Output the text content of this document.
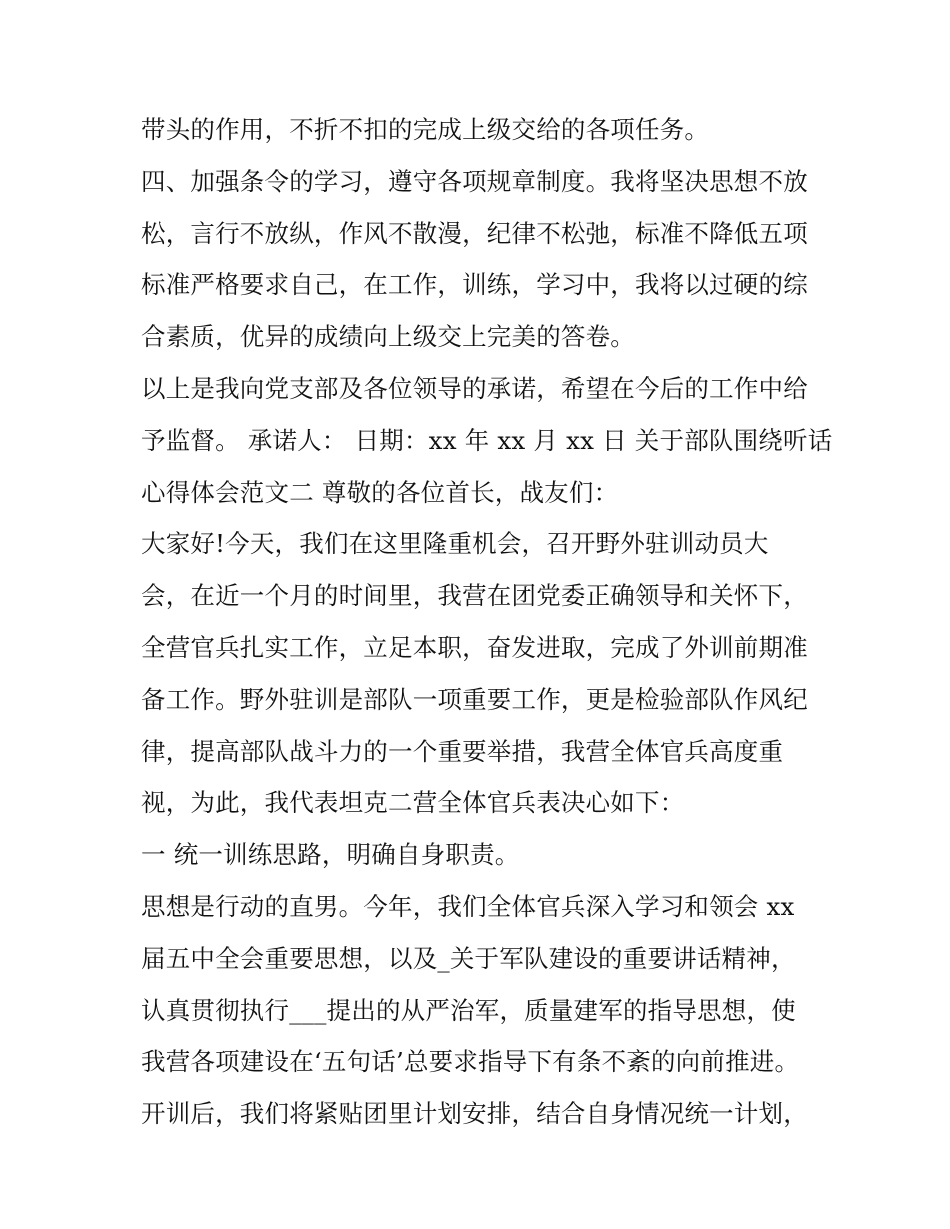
带头的作用，不折不扣的完成上级交给的各项任务。
四、加强条令的学习，遵守各项规章制度。我将坚决思想不放
松，言行不放纵，作风不散漫，纪律不松弛，标准不降低五项
标准严格要求自己，在工作，训练，学习中，我将以过硬的综
合素质，优异的成绩向上级交上完美的答卷。
以上是我向党支部及各位领导的承诺，希望在今后的工作中给
予监督。 承诺人： 日期：xx 年 xx 月 xx 日 关于部队围绕听话
心得体会范文二 尊敬的各位首长，战友们：
大家好!今天，我们在这里隆重机会，召开野外驻训动员大
会，在近一个月的时间里，我营在团党委正确领导和关怀下，
全营官兵扎实工作，立足本职，奋发进取，完成了外训前期准
备工作。野外驻训是部队一项重要工作，更是检验部队作风纪
律，提高部队战斗力的一个重要举措，我营全体官兵高度重
视，为此，我代表坦克二营全体官兵表决心如下：
一 统一训练思路，明确自身职责。
思想是行动的直男。今年，我们全体官兵深入学习和领会 xx
届五中全会重要思想，以及_关于军队建设的重要讲话精神，
认真贯彻执行___提出的从严治军，质量建军的指导思想，使
我营各项建设在‘五句话’总要求指导下有条不紊的向前推进。
开训后，我们将紧贴团里计划安排，结合自身情况统一计划，
